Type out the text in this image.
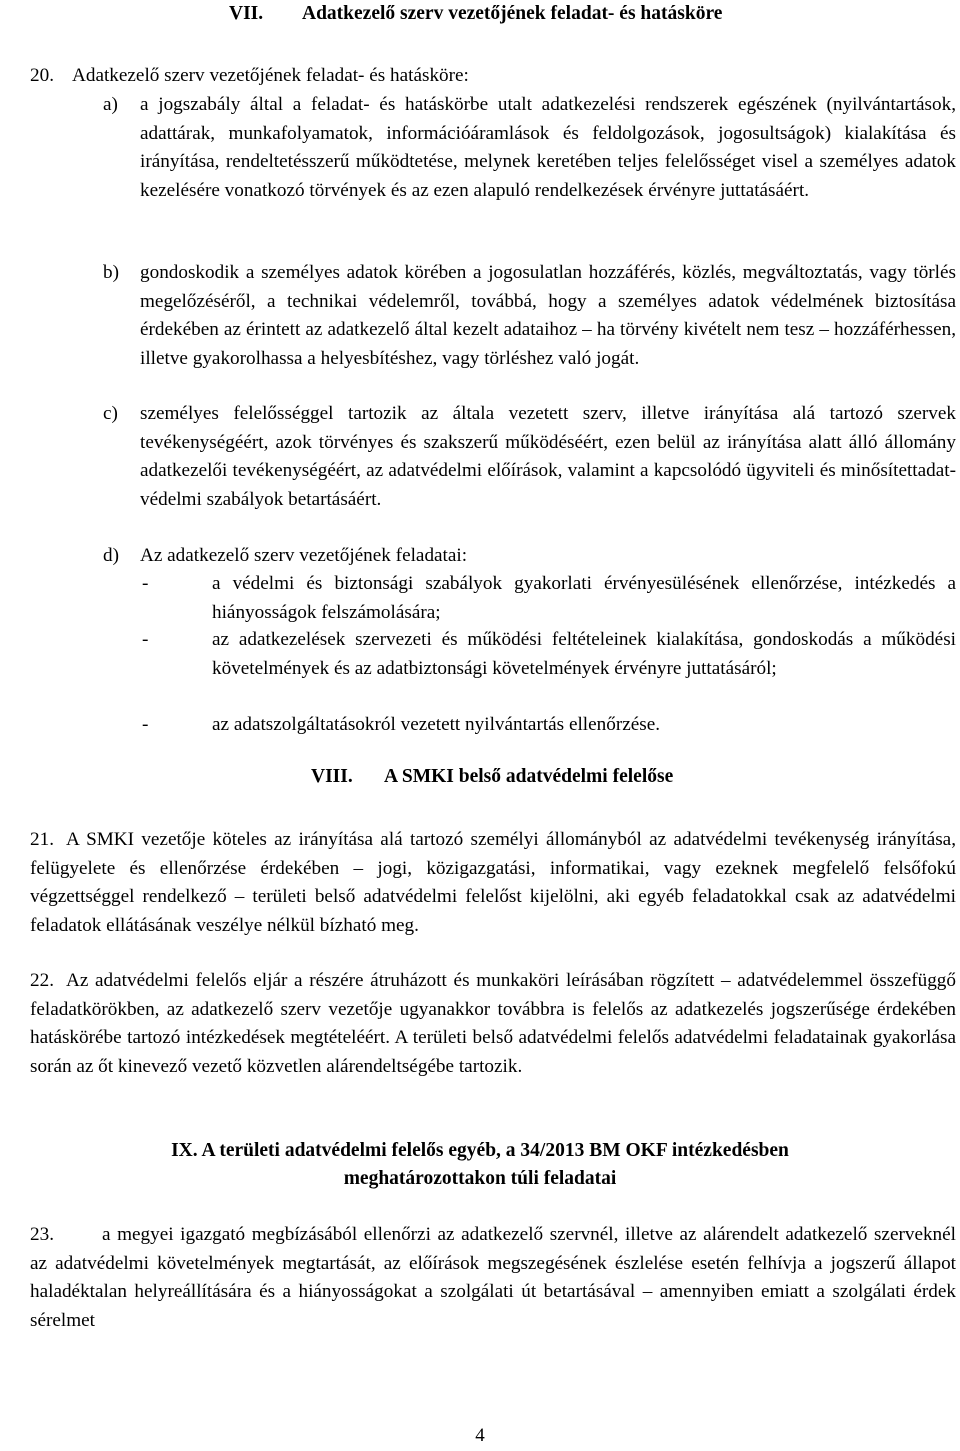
VII. Adatkezelő szerv vezetőjének feladat- és hatásköre
20. Adatkezelő szerv vezetőjének feladat- és hatásköre:
a) a jogszabály által a feladat- és hatáskörbe utalt adatkezelési rendszerek egészének (nyilvántartások, adattárak, munkafolyamatok, információáramlások és feldolgozások, jogosultságok) kialakítása és irányítása, rendeltetésszerű működtetése, melynek keretében teljes felelősséget visel a személyes adatok kezelésére vonatkozó törvények és az ezen alapuló rendelkezések érvényre juttatásáért.
b) gondoskodik a személyes adatok körében a jogosulatlan hozzáférés, közlés, megváltoztatás, vagy törlés megelőzéséről, a technikai védelemről, továbbá, hogy a személyes adatok védelmének biztosítása érdekében az érintett az adatkezelő által kezelt adataihoz – ha törvény kivételt nem tesz – hozzáférhessen, illetve gyakorolhassa a helyesbítéshez, vagy törléshez való jogát.
c) személyes felelősséggel tartozik az általa vezetett szerv, illetve irányítása alá tartozó szervek tevékenységéért, azok törvényes és szakszerű működéséért, ezen belül az irányítása alatt álló állomány adatkezelői tevékenységéért, az adatvédelmi előírások, valamint a kapcsolódó ügyviteli és minősítettadat-védelmi szabályok betartásáért.
d) Az adatkezelő szerv vezetőjének feladatai:
-	a védelmi és biztonsági szabályok gyakorlati érvényesülésének ellenőrzése, intézkedés a hiányosságok felszámolására;
-	az adatkezelések szervezeti és működési feltételeinek kialakítása, gondoskodás a működési követelmények és az adatbiztonsági követelmények érvényre juttatásáról;
-	az adatszolgáltatásokról vezetett nyilvántartás ellenőrzése.
VIII. A SMKI belső adatvédelmi felelőse
21. A SMKI vezetője köteles az irányítása alá tartozó személyi állományból az adatvédelmi tevékenység irányítása, felügyelete és ellenőrzése érdekében – jogi, közigazgatási, informatikai, vagy ezeknek megfelelő felsőfokú végzettséggel rendelkező – területi belső adatvédelmi felelőst kijelölni, aki egyéb feladatokkal csak az adatvédelmi feladatok ellátásának veszélye nélkül bízható meg.
22. Az adatvédelmi felelős eljár a részére átruházott és munkaköri leírásában rögzített – adatvédelemmel összefüggő feladatkörökben, az adatkezelő szerv vezetője ugyanakkor továbbra is felelős az adatkezelés jogszerűsége érdekében hatáskörébe tartozó intézkedések megtételéért. A területi belső adatvédelmi felelős adatvédelmi feladatainak gyakorlása során az őt kinevező vezető közvetlen alárendeltségébe tartozik.
IX. A területi adatvédelmi felelős egyéb, a 34/2013 BM OKF intézkedésben
meghatározottakon túli feladatai
23.	a megyei igazgató megbízásából ellenőrzi az adatkezelő szervnél, illetve az alárendelt adatkezelő szerveknél az adatvédelmi követelmények megtartását, az előírások megszegésének észlelése esetén felhívja a jogszerű állapot haladéktalan helyreállítására és a hiányosságokat a szolgálati út betartásával – amennyiben emiatt a szolgálati érdek sérelmet
4
